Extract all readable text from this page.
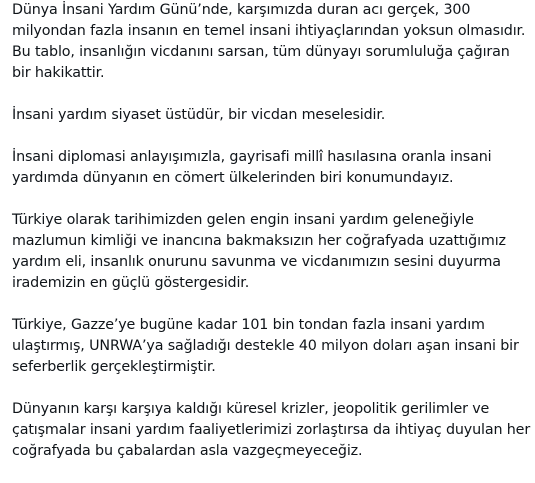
Dünya İnsani Yardım Günü’nde, karşımızda duran acı gerçek, 300
milyondan fazla insanın en temel insani ihtiyaçlarından yoksun olmasıdır.
Bu tablo, insanlığın vicdanını sarsan, tüm dünyayı sorumluluğa çağıran
bir hakikattir.
İnsani yardım siyaset üstüdür, bir vicdan meselesidir.
İnsani diplomasi anlayışımızla, gayrisafi millî hasılasına oranla insani
yardımda dünyanın en cömert ülkelerinden biri konumundayız.
Türkiye olarak tarihimizden gelen engin insani yardım geleneğiyle
mazlumun kimliği ve inancına bakmaksızın her coğrafyada uzattığımız
yardım eli, insanlık onurunu savunma ve vicdanımızın sesini duyurma
irademizin en güçlü göstergesidir.
Türkiye, Gazze’ye bugüne kadar 101 bin tondan fazla insani yardım
ulaştırmış, UNRWA’ya sağladığı destekle 40 milyon doları aşan insani bir
seferberlik gerçekleştirmiştir.
Dünyanın karşı karşıya kaldığı küresel krizler, jeopolitik gerilimler ve
çatışmalar insani yardım faaliyetlerimizi zorlaştırsa da ihtiyaç duyulan her
coğrafyada bu çabalardan asla vazgeçmeyeceğiz.
